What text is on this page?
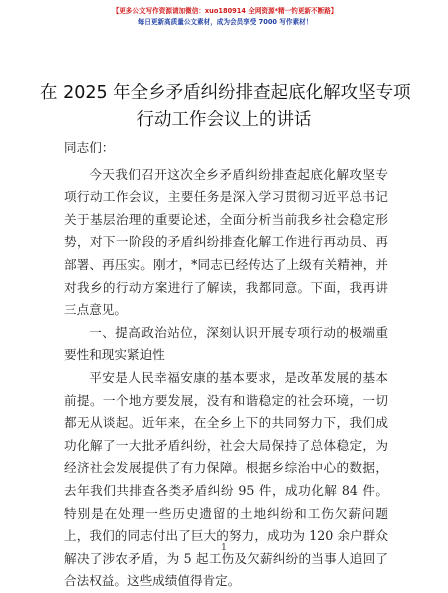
【更多公文写作资源请加微信：xuo180914 全网资源*精一钓更新不断路】
每日更新高质量公文素材，成为会员享受 7000 写作素材！
在 2025 年全乡矛盾纠纷排查起底化解攻坚专项
行动工作会议上的讲话

同志们：

今天我们召开这次全乡矛盾纠纷排查起底化解攻坚专项行动工作会议，主要任务是深入学习贯彻习近平总书记关于基层治理的重要论述，全面分析当前我乡社会稳定形势，对下一阶段的矛盾纠纷排查化解工作进行再动员、再部署、再压实。刚才，*同志已经传达了上级有关精神，并对我乡的行动方案进行了解读，我都同意。下面，我再讲三点意见。

一、提高政治站位，深刻认识开展专项行动的极端重要性和现实紧迫性

平安是人民幸福安康的基本要求，是改革发展的基本前提。一个地方要发展，没有和谐稳定的社会环境，一切都无从谈起。近年来，在全乡上下的共同努力下，我们成功化解了一大批矛盾纠纷，社会大局保持了总体稳定，为经济社会发展提供了有力保障。根据乡综治中心的数据，去年我们共排查各类矛盾纠纷 95 件，成功化解 84 件。特别是在处理一些历史遗留的土地纠纷和工伤欠薪问题上，我们的同志付出了巨大的努力，成功为 120 余户群众解决了涉农矛盾，为 5 起工伤及欠薪纠纷的当事人追回了合法权益。这些成绩值得肯定。

1
